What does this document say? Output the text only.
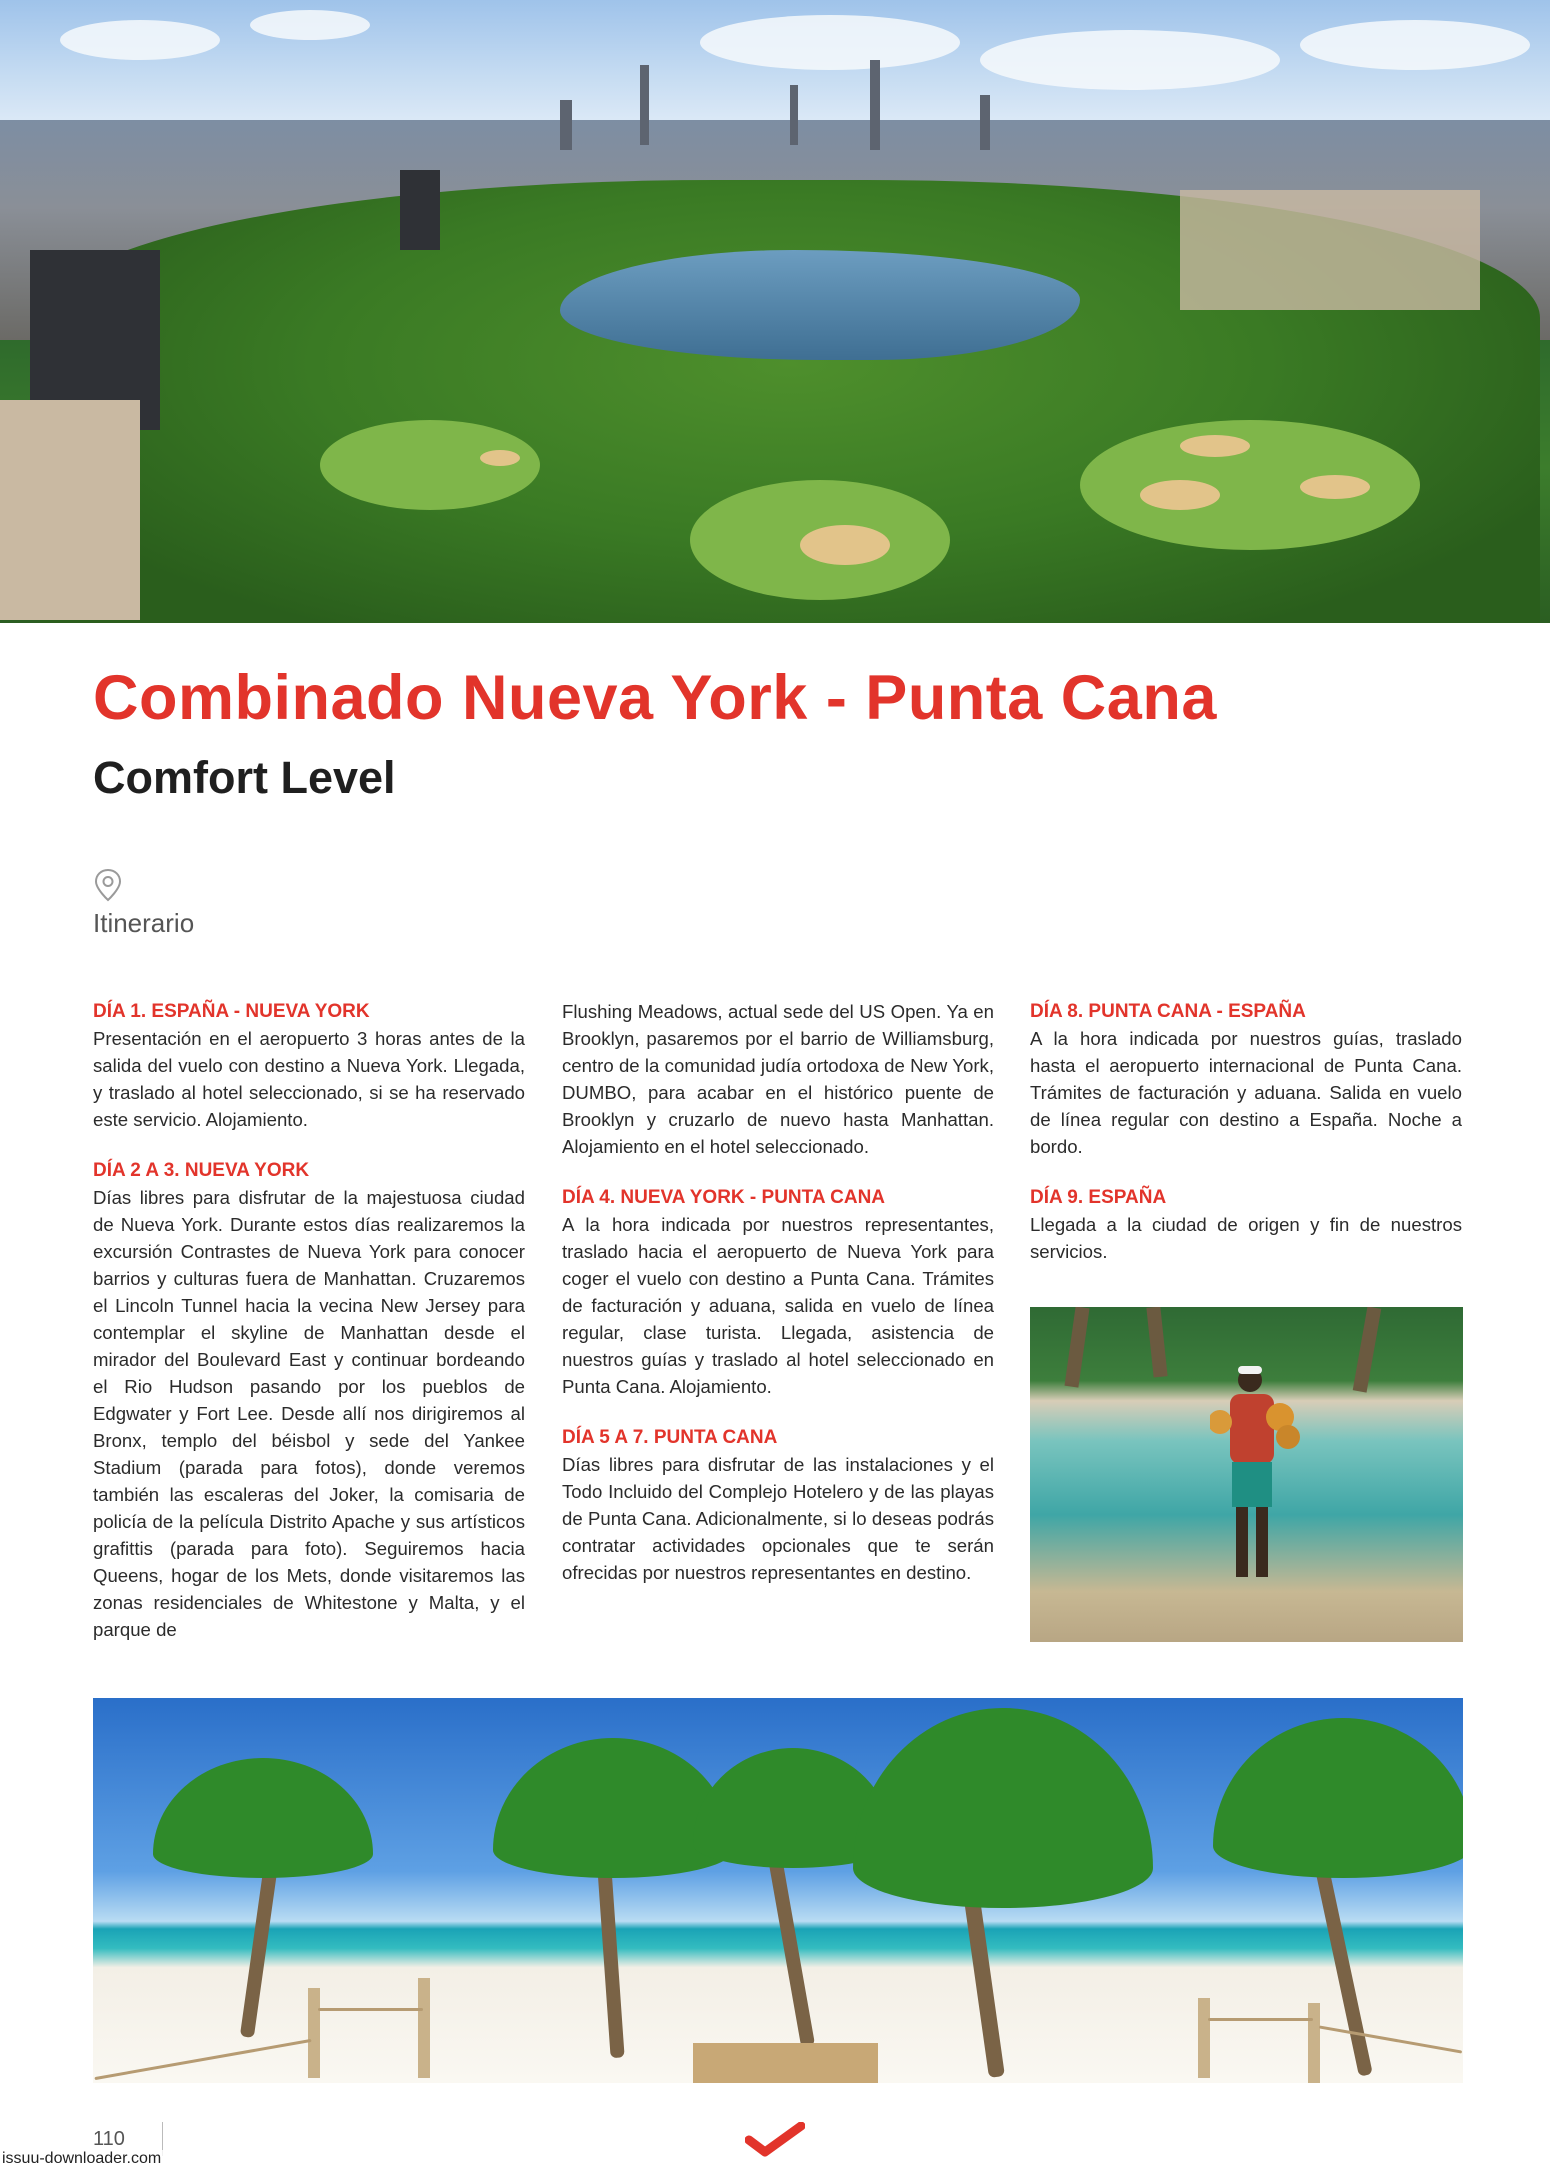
Combinado Nueva York - Punta Cana
Comfort Level
Itinerario
DÍA 1. ESPAÑA - NUEVA YORK

Presentación en el aeropuerto 3 horas antes de la salida del vuelo con destino a Nueva York. Llegada, y traslado al hotel seleccionado, si se ha reservado este servicio. Alojamiento.

DÍA 2 A 3. NUEVA YORK

Días libres para disfrutar de la majestuosa ciudad de Nueva York. Durante estos días realizaremos la excursión Contrastes de Nueva York para conocer barrios y culturas fuera de Manhattan. Cruzaremos el Lincoln Tunnel hacia la vecina New Jersey para contemplar el skyline de Manhattan desde el mirador del Boulevard East y continuar bordeando el Rio Hudson pasando por los pueblos de Edgwater y Fort Lee. Desde allí nos dirigiremos al Bronx, templo del béisbol y sede del Yankee Stadium (parada para fotos), donde veremos también las escaleras del Joker, la comisaria de policía de la película Distrito Apache y sus artísticos grafittis (parada para foto). Seguiremos hacia Queens, hogar de los Mets, donde visitaremos las zonas residenciales de Whitestone y Malta, y el parque de

Flushing Meadows, actual sede del US Open. Ya en Brooklyn, pasaremos por el barrio de Williamsburg, centro de la comunidad judía ortodoxa de New York, DUMBO, para acabar en el histórico puente de Brooklyn y cruzarlo de nuevo hasta Manhattan. Alojamiento en el hotel seleccionado.

DÍA 4. NUEVA YORK - PUNTA CANA

A la hora indicada por nuestros representantes, traslado hacia el aeropuerto de Nueva York para coger el vuelo con destino a Punta Cana. Trámites de facturación y aduana, salida en vuelo de línea regular, clase turista. Llegada, asistencia de nuestros guías y traslado al hotel seleccionado en Punta Cana. Alojamiento.

DÍA 5 A 7. PUNTA CANA

Días libres para disfrutar de las instalaciones y el Todo Incluido del Complejo Hotelero y de las playas de Punta Cana. Adicionalmente, si lo deseas podrás contratar actividades opcionales que te serán ofrecidas por nuestros representantes en destino.

DÍA 8. PUNTA CANA - ESPAÑA

A la hora indicada por nuestros guías, traslado hasta el aeropuerto internacional de Punta Cana. Trámites de facturación y aduana. Salida en vuelo de línea regular con destino a España. Noche a bordo.

DÍA 9. ESPAÑA

Llegada a la ciudad de origen y fin de nuestros servicios.

110
issuu-downloader.com
